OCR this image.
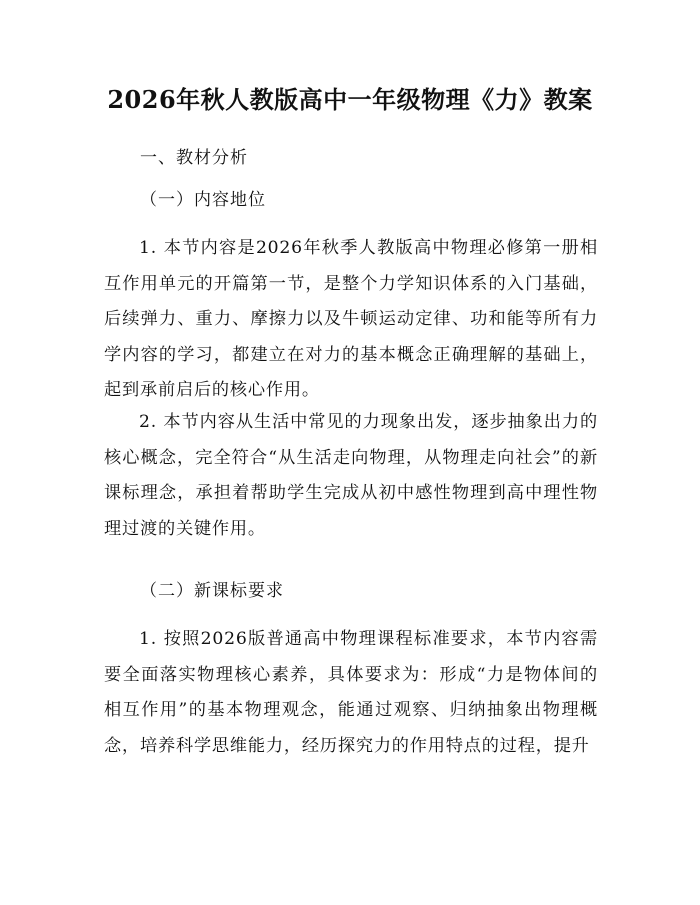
2026年秋人教版高中一年级物理《力》教案

一、教材分析

（一）内容地位

1. 本节内容是2026年秋季人教版高中物理必修第一册相互作用单元的开篇第一节，是整个力学知识体系的入门基础，后续弹力、重力、摩擦力以及牛顿运动定律、功和能等所有力学内容的学习，都建立在对力的基本概念正确理解的基础上，起到承前启后的核心作用。

2. 本节内容从生活中常见的力现象出发，逐步抽象出力的核心概念，完全符合“从生活走向物理，从物理走向社会”的新课标理念，承担着帮助学生完成从初中感性物理到高中理性物理过渡的关键作用。

（二）新课标要求

1. 按照2026版普通高中物理课程标准要求，本节内容需要全面落实物理核心素养，具体要求为：形成“力是物体间的相互作用”的基本物理观念，能通过观察、归纳抽象出物理概念，培养科学思维能力，经历探究力的作用特点的过程，提升
